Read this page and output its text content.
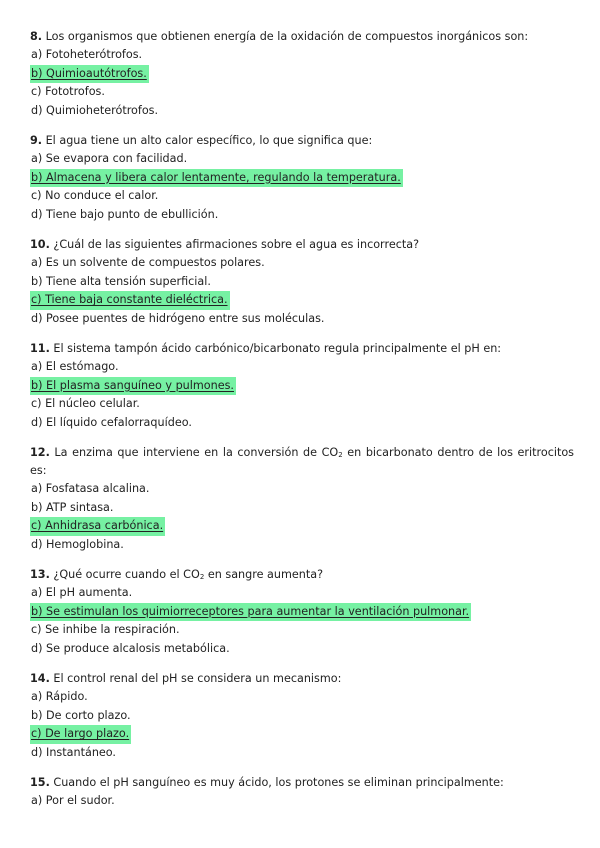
8. Los organismos que obtienen energía de la oxidación de compuestos inorgánicos son:
a) Fotoheterótrofos.
b) Quimioautótrofos.
c) Fototrofos.
d) Quimioheterótrofos.
9. El agua tiene un alto calor específico, lo que significa que:
a) Se evapora con facilidad.
b) Almacena y libera calor lentamente, regulando la temperatura.
c) No conduce el calor.
d) Tiene bajo punto de ebullición.
10. ¿Cuál de las siguientes afirmaciones sobre el agua es incorrecta?
a) Es un solvente de compuestos polares.
b) Tiene alta tensión superficial.
c) Tiene baja constante dieléctrica.
d) Posee puentes de hidrógeno entre sus moléculas.
11. El sistema tampón ácido carbónico/bicarbonato regula principalmente el pH en:
a) El estómago.
b) El plasma sanguíneo y pulmones.
c) El núcleo celular.
d) El líquido cefalorraquídeo.
12. La enzima que interviene en la conversión de $CO_2$ en bicarbonato dentro de los eritrocitos es:
a) Fosfatasa alcalina.
b) ATP sintasa.
c) Anhidrasa carbónica.
d) Hemoglobina.
13. ¿Qué ocurre cuando el $CO_2$ en sangre aumenta?
a) El pH aumenta.
b) Se estimulan los quimiorreceptores para aumentar la ventilación pulmonar.
c) Se inhibe la respiración.
d) Se produce alcalosis metabólica.
14. El control renal del pH se considera un mecanismo:
a) Rápido.
b) De corto plazo.
c) De largo plazo.
d) Instantáneo.
15. Cuando el pH sanguíneo es muy ácido, los protones se eliminan principalmente:
a) Por el sudor.
